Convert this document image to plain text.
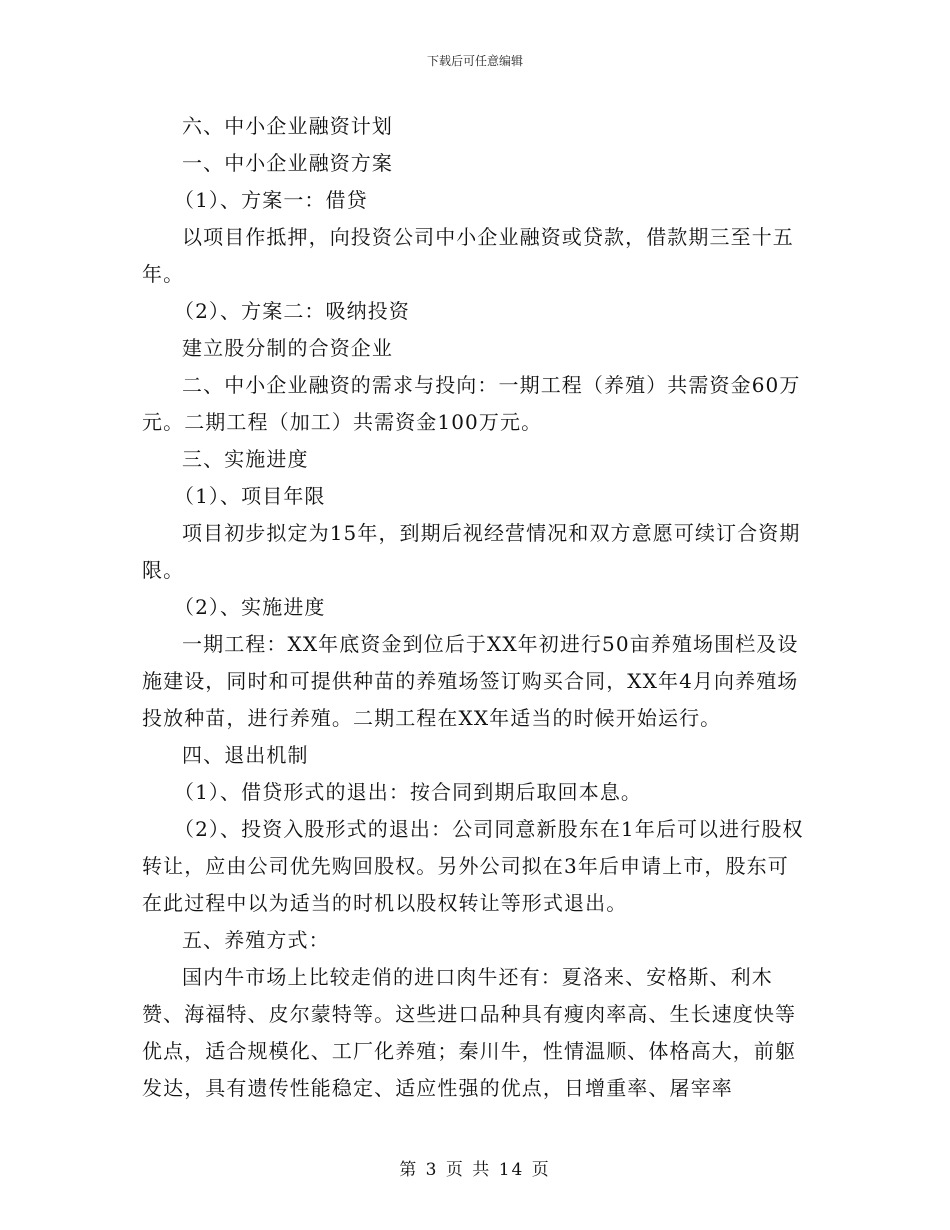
下载后可任意编辑

六、中小企业融资计划

一、中小企业融资方案

（1）、方案一：借贷

以项目作抵押，向投资公司中小企业融资或贷款，借款期三至十五年。

（2）、方案二：吸纳投资

建立股分制的合资企业

二、中小企业融资的需求与投向：一期工程（养殖）共需资金60万元。二期工程（加工）共需资金100万元。

三、实施进度

（1）、项目年限

项目初步拟定为15年，到期后视经营情况和双方意愿可续订合资期限。

（2）、实施进度

一期工程：XX年底资金到位后于XX年初进行50亩养殖场围栏及设施建设，同时和可提供种苗的养殖场签订购买合同，XX年4月向养殖场投放种苗，进行养殖。二期工程在XX年适当的时候开始运行。

四、退出机制

（1）、借贷形式的退出：按合同到期后取回本息。

（2）、投资入股形式的退出：公司同意新股东在1年后可以进行股权转让，应由公司优先购回股权。另外公司拟在3年后申请上市，股东可在此过程中以为适当的时机以股权转让等形式退出。

五、养殖方式：

国内牛市场上比较走俏的进口肉牛还有：夏洛来、安格斯、利木赞、海福特、皮尔蒙特等。这些进口品种具有瘦肉率高、生长速度快等优点，适合规模化、工厂化养殖；秦川牛，性情温顺、体格高大，前躯发达，具有遗传性能稳定、适应性强的优点，日增重率、屠宰率

第 3 页 共 14 页
